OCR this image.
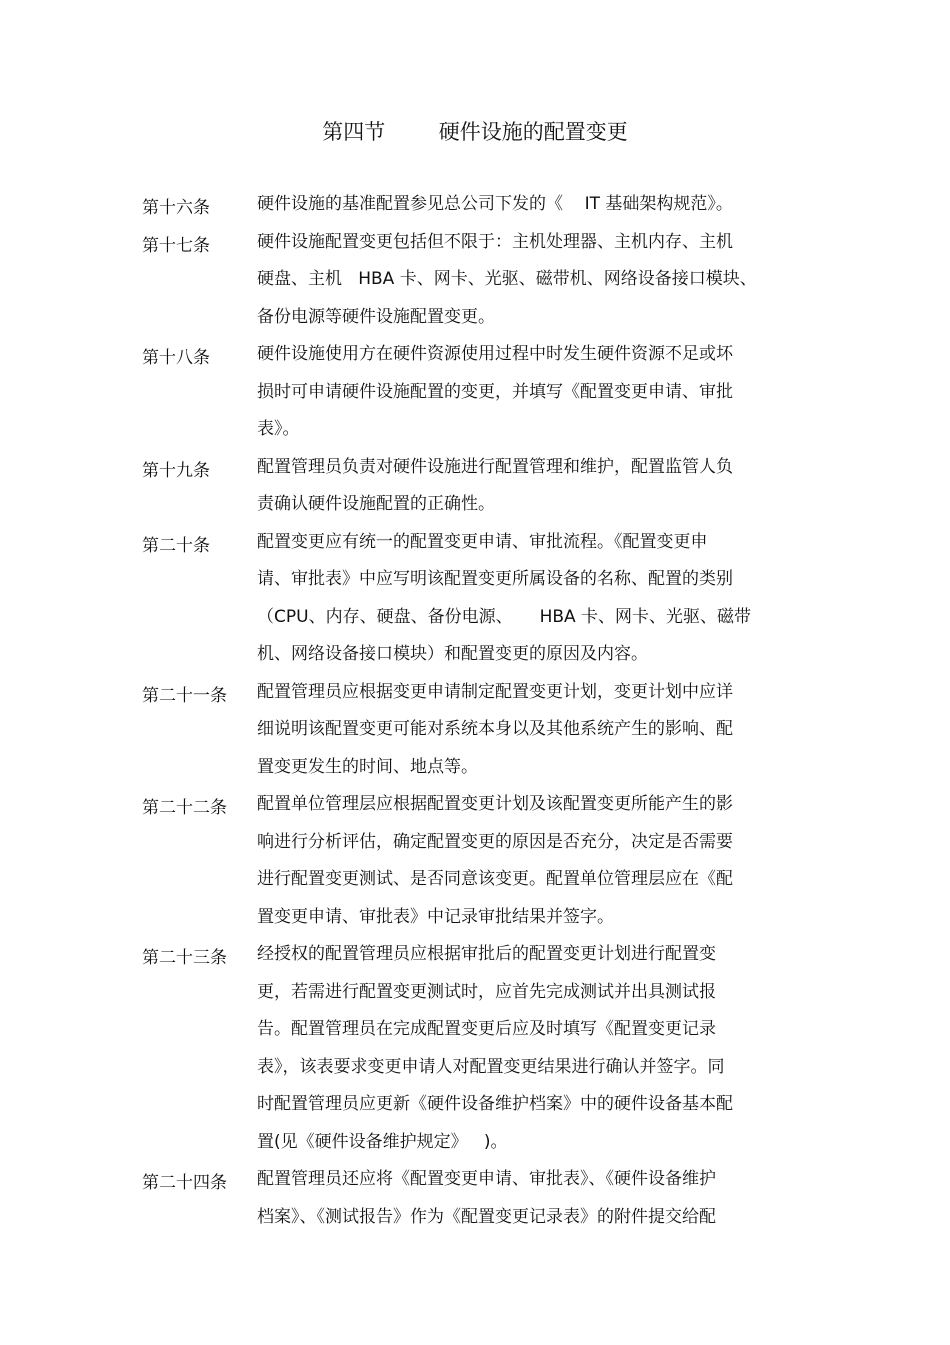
第四节        硬件设施的配置变更
第十六条	硬件设施的基准配置参见总公司下发的《    IT 基础架构规范》。
第十七条	硬件设施配置变更包括但不限于：主机处理器、主机内存、主机
硬盘、主机   HBA 卡、网卡、光驱、磁带机、网络设备接口模块、
备份电源等硬件设施配置变更。
第十八条	硬件设施使用方在硬件资源使用过程中时发生硬件资源不足或坏
损时可申请硬件设施配置的变更，并填写《配置变更申请、审批
表》。
第十九条	配置管理员负责对硬件设施进行配置管理和维护，配置监管人负
责确认硬件设施配置的正确性。
第二十条	配置变更应有统一的配置变更申请、审批流程。《配置变更申
请、审批表》中应写明该配置变更所属设备的名称、配置的类别
（CPU、内存、硬盘、备份电源、     HBA 卡、网卡、光驱、磁带
机、网络设备接口模块）和配置变更的原因及内容。
第二十一条 配置管理员应根据变更申请制定配置变更计划，变更计划中应详
细说明该配置变更可能对系统本身以及其他系统产生的影响、配
置变更发生的时间、地点等。
第二十二条 配置单位管理层应根据配置变更计划及该配置变更所能产生的影
响进行分析评估，确定配置变更的原因是否充分，决定是否需要
进行配置变更测试、是否同意该变更。配置单位管理层应在《配
置变更申请、审批表》中记录审批结果并签字。
第二十三条 经授权的配置管理员应根据审批后的配置变更计划进行配置变
更，若需进行配置变更测试时，应首先完成测试并出具测试报
告。配置管理员在完成配置变更后应及时填写《配置变更记录
表》，该表要求变更申请人对配置变更结果进行确认并签字。同
时配置管理员应更新《硬件设备维护档案》中的硬件设备基本配
置(见《硬件设备维护规定》   )。
第二十四条 配置管理员还应将《配置变更申请、审批表》、《硬件设备维护
档案》、《测试报告》作为《配置变更记录表》的附件提交给配
